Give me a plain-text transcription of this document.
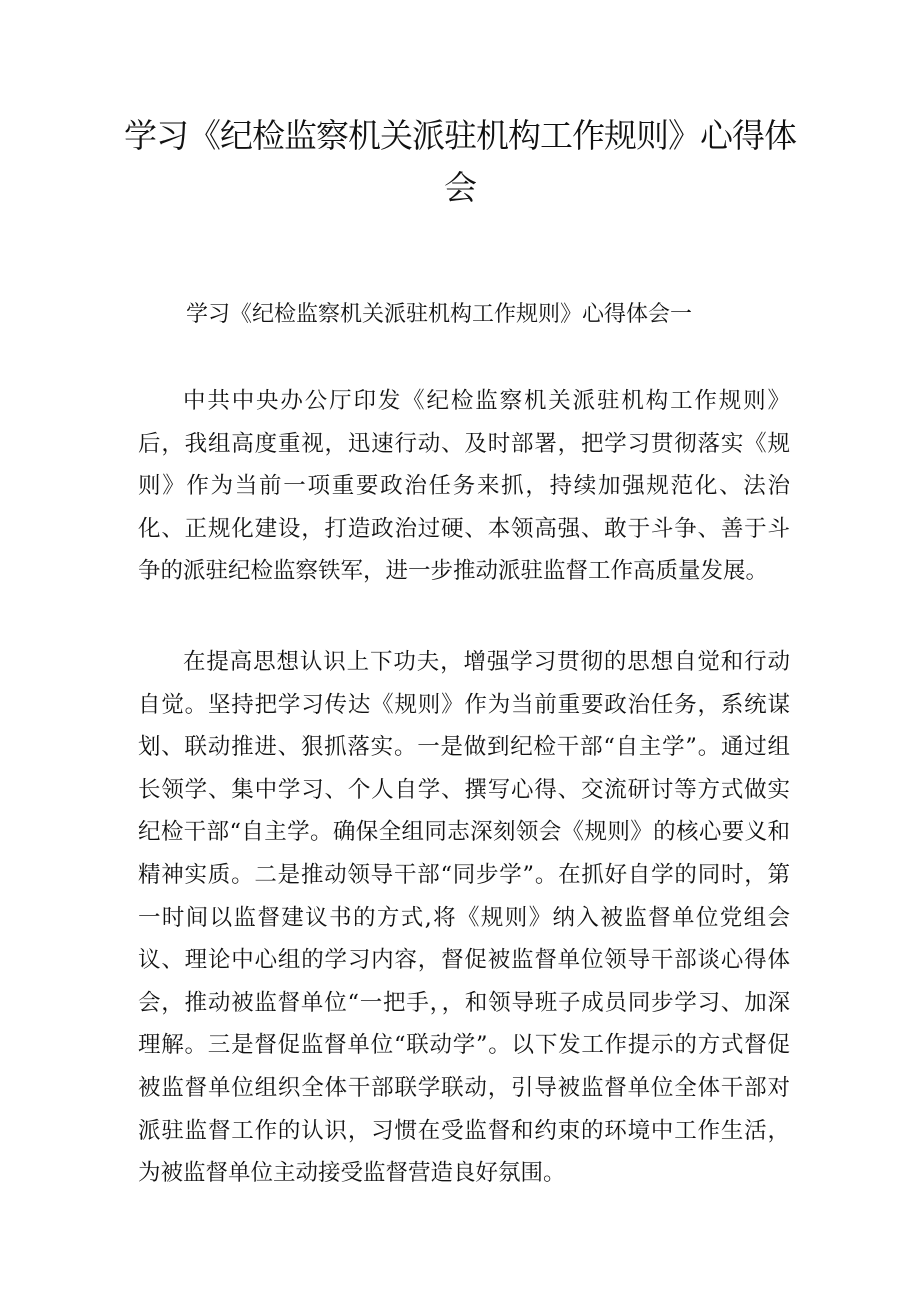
学习《纪检监察机关派驻机构工作规则》心得体会

学习《纪检监察机关派驻机构工作规则》心得体会一

中共中央办公厅印发《纪检监察机关派驻机构工作规则》后，我组高度重视，迅速行动、及时部署，把学习贯彻落实《规则》作为当前一项重要政治任务来抓，持续加强规范化、法治化、正规化建设，打造政治过硬、本领高强、敢于斗争、善于斗争的派驻纪检监察铁军，进一步推动派驻监督工作高质量发展。

在提高思想认识上下功夫，增强学习贯彻的思想自觉和行动自觉。坚持把学习传达《规则》作为当前重要政治任务，系统谋划、联动推进、狠抓落实。一是做到纪检干部“自主学”。通过组长领学、集中学习、个人自学、撰写心得、交流研讨等方式做实纪检干部“自主学。确保全组同志深刻领会《规则》的核心要义和精神实质。二是推动领导干部“同步学”。在抓好自学的同时，第一时间以监督建议书的方式,将《规则》纳入被监督单位党组会议、理论中心组的学习内容，督促被监督单位领导干部谈心得体会，推动被监督单位“一把手，，和领导班子成员同步学习、加深理解。三是督促监督单位“联动学”。以下发工作提示的方式督促被监督单位组织全体干部联学联动，引导被监督单位全体干部对派驻监督工作的认识，习惯在受监督和约束的环境中工作生活，为被监督单位主动接受监督营造良好氛围。
